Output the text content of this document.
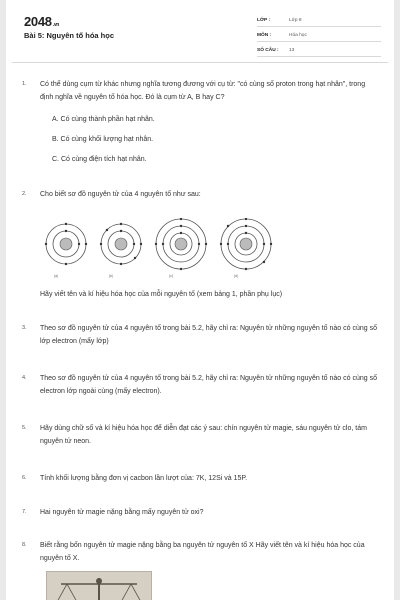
2048.vn
Bài 5: Nguyên tố hóa học
LỚP :	Lớp 8
MÔN :	Hóa học
SỐ CÂU :	13
1. Có thể dùng cụm từ khác nhưng nghĩa tương đương với cụ từ: "có cùng số proton trong hạt nhân", trong định nghĩa về nguyên tố hóa học. Đó là cụm từ A, B hay C?
A. Có cùng thành phần hạt nhân.
B. Có cùng khối lượng hạt nhân.
C. Có cùng điện tích hạt nhân.
2. Cho biết sơ đồ nguyên tử của 4 nguyên tố như sau:
Hãy viết tên và kí hiệu hóa học của mỗi nguyên tố (xem bảng 1, phần phụ lục)
(a)	(b)	(c)	(d)
3. Theo sơ đồ nguyên tử của 4 nguyên tố trong bài 5.2, hãy chỉ ra: Nguyên tử những nguyên tố nào có cùng số lớp electron (mấy lớp)
4. Theo sơ đồ nguyên tử của 4 nguyên tố trong bài 5.2, hãy chỉ ra: Nguyên tử những nguyên tố nào có cùng số electron lớp ngoài cùng (mấy electron).
5. Hãy dùng chữ số và kí hiệu hóa học để diễn đạt các ý sau: chín nguyên tử magie, sáu nguyên tử clo, tám nguyên tử neon.
6. Tính khối lượng bằng đơn vị cacbon lần lượt của: 7K, 12Si và 15P.
7. Hai nguyên tử magie nặng bằng mấy nguyên tử oxi?
8. Biết rằng bốn nguyên tử magie nặng bằng ba nguyên tử nguyên tố X Hãy viết tên và kí hiệu hóa học của nguyên tố X.
